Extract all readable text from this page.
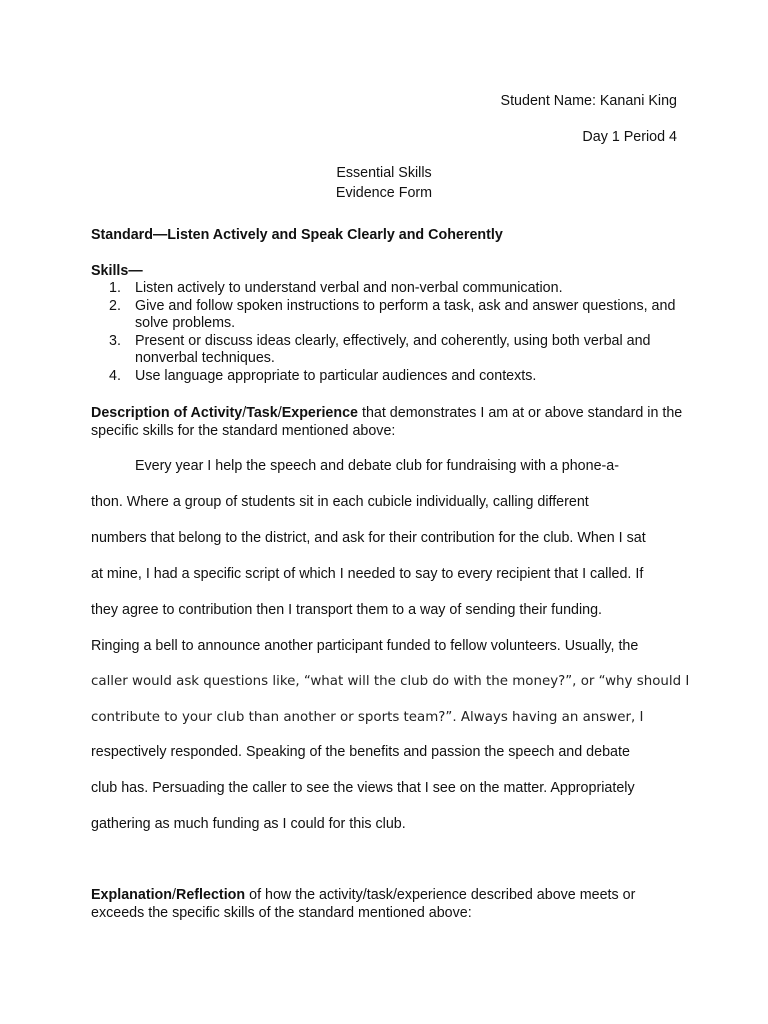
Student Name: Kanani King
Day 1 Period 4
Essential Skills
Evidence Form
Standard—Listen Actively and Speak Clearly and Coherently
Skills—
1. Listen actively to understand verbal and non-verbal communication.
2. Give and follow spoken instructions to perform a task, ask and answer questions, and solve problems.
3. Present or discuss ideas clearly, effectively, and coherently, using both verbal and nonverbal techniques.
4. Use language appropriate to particular audiences and contexts.
Description of Activity/Task/Experience that demonstrates I am at or above standard in the specific skills for the standard mentioned above:
Every year I help the speech and debate club for fundraising with a phone-a-
thon. Where a group of students sit in each cubicle individually, calling different
numbers that belong to the district, and ask for their contribution for the club. When I sat
at mine, I had a specific script of which I needed to say to every recipient that I called. If
they agree to contribution then I transport them to a way of sending their funding.
Ringing a bell to announce another participant funded to fellow volunteers. Usually, the
caller would ask questions like, “what will the club do with the money?”, or “why should I
contribute to your club than another or sports team?”. Always having an answer, I
respectively responded. Speaking of the benefits and passion the speech and debate
club has. Persuading the caller to see the views that I see on the matter. Appropriately
gathering as much funding as I could for this club.
Explanation/Reflection of how the activity/task/experience described above meets or exceeds the specific skills of the standard mentioned above:
